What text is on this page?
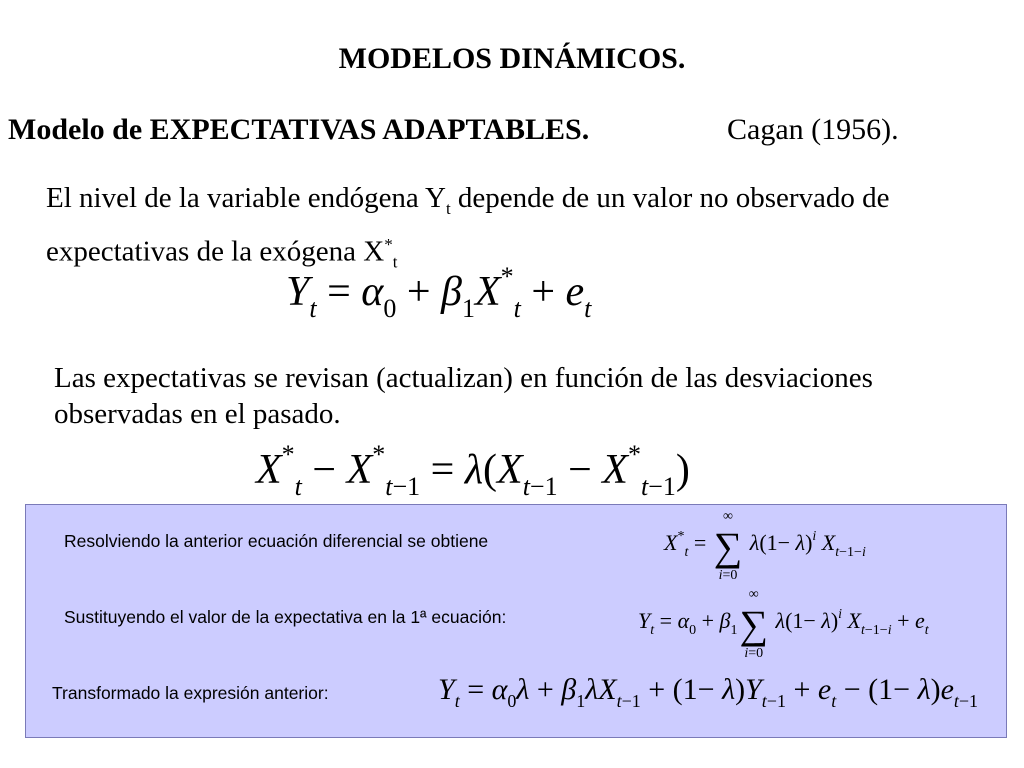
MODELOS DINÁMICOS.
Modelo de EXPECTATIVAS ADAPTABLES.	Cagan (1956).
El nivel de la variable endógena $Y_t$ depende de un valor no observado de expectativas de la exógena $X^*_t$
$Y_t = \alpha_0 + \beta_1X^*_t + e_t$
Las expectativas se revisan (actualizan) en función de las desviaciones observadas en el pasado.
$X^*_t - X^*_{t-1} = \lambda(X_{t-1} - X^*_{t-1})$
Resolviendo la anterior ecuación diferencial se obtiene	$X^*_t$ =
∞
∑
i=0
$\lambda(1- \lambda)^i$ $X_{t-1-i}$
Sustituyendo el valor de la expectativa en la 1ª ecuación:	$Y_t = \alpha_0 + \beta_1$
∞
∑
i=0
$\lambda(1- \lambda)^i$ $X_{t-1-i} + e_t$
Transformado la expresión anterior:	$Y_t = \alpha_0\lambda + \beta_1\lambda X_{t-1} + (1- \lambda)Y_{t-1} + e_t - (1- \lambda)e_{t-1}$
